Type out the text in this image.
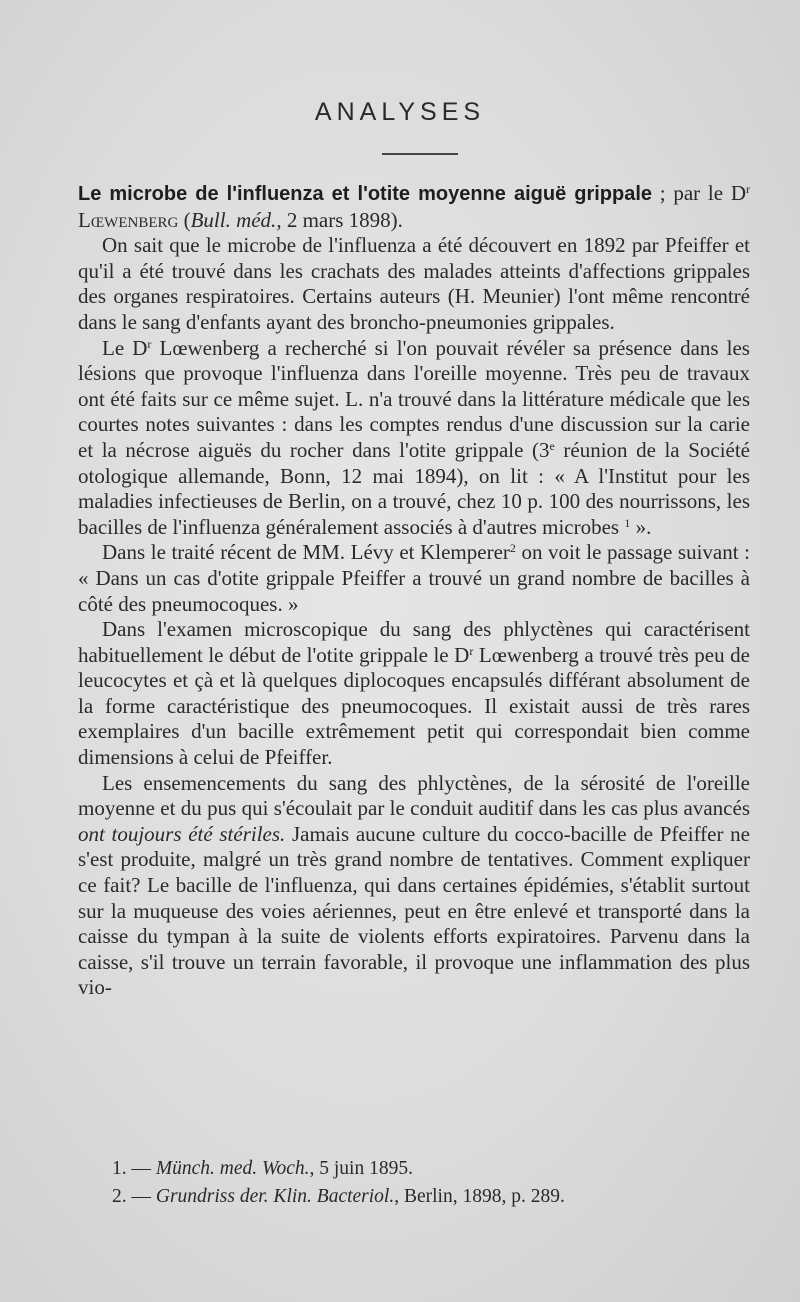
ANALYSES

Le microbe de l'influenza et l'otite moyenne aiguë grippale ; par le $D^r$ Lœwenberg (Bull. méd., 2 mars 1898).

On sait que le microbe de l'influenza a été découvert en 1892 par Pfeiffer et qu'il a été trouvé dans les crachats des malades atteints d'affections grippales des organes respiratoires. Certains auteurs (H. Meunier) l'ont même rencontré dans le sang d'enfants ayant des broncho-pneumonies grippales.

Le $D^r$ Lœwenberg a recherché si l'on pouvait révéler sa présence dans les lésions que provoque l'influenza dans l'oreille moyenne. Très peu de travaux ont été faits sur ce même sujet. L. n'a trouvé dans la littérature médicale que les courtes notes suivantes : dans les comptes rendus d'une discussion sur la carie et la nécrose aiguës du rocher dans l'otite grippale (3e réunion de la Société otologique allemande, Bonn, 12 mai 1894), on lit : « A l'Institut pour les maladies infectieuses de Berlin, on a trouvé, chez 10 p. 100 des nourrissons, les bacilles de l'influenza généralement associés à d'autres microbes $^1$ ».

Dans le traité récent de MM. Lévy et Klemperer$^2$ on voit le passage suivant : « Dans un cas d'otite grippale Pfeiffer a trouvé un grand nombre de bacilles à côté des pneumocoques. »

Dans l'examen microscopique du sang des phlyctènes qui caractérisent habituellement le début de l'otite grippale le $D^r$ Lœwenberg a trouvé très peu de leucocytes et çà et là quelques diplocoques encapsulés différant absolument de la forme caractéristique des pneumocoques. Il existait aussi de très rares exemplaires d'un bacille extrêmement petit qui correspondait bien comme dimensions à celui de Pfeiffer.

Les ensemencements du sang des phlyctènes, de la sérosité de l'oreille moyenne et du pus qui s'écoulait par le conduit auditif dans les cas plus avancés ont toujours été stériles. Jamais aucune culture du cocco-bacille de Pfeiffer ne s'est produite, malgré un très grand nombre de tentatives. Comment expliquer ce fait? Le bacille de l'influenza, qui dans certaines épidémies, s'établit surtout sur la muqueuse des voies aériennes, peut en être enlevé et transporté dans la caisse du tympan à la suite de violents efforts expiratoires. Parvenu dans la caisse, s'il trouve un terrain favorable, il provoque une inflammation des plus vio-

1. — Münch. med. Woch., 5 juin 1895.
2. — Grundriss der. Klin. Bacteriol., Berlin, 1898, p. 289.
